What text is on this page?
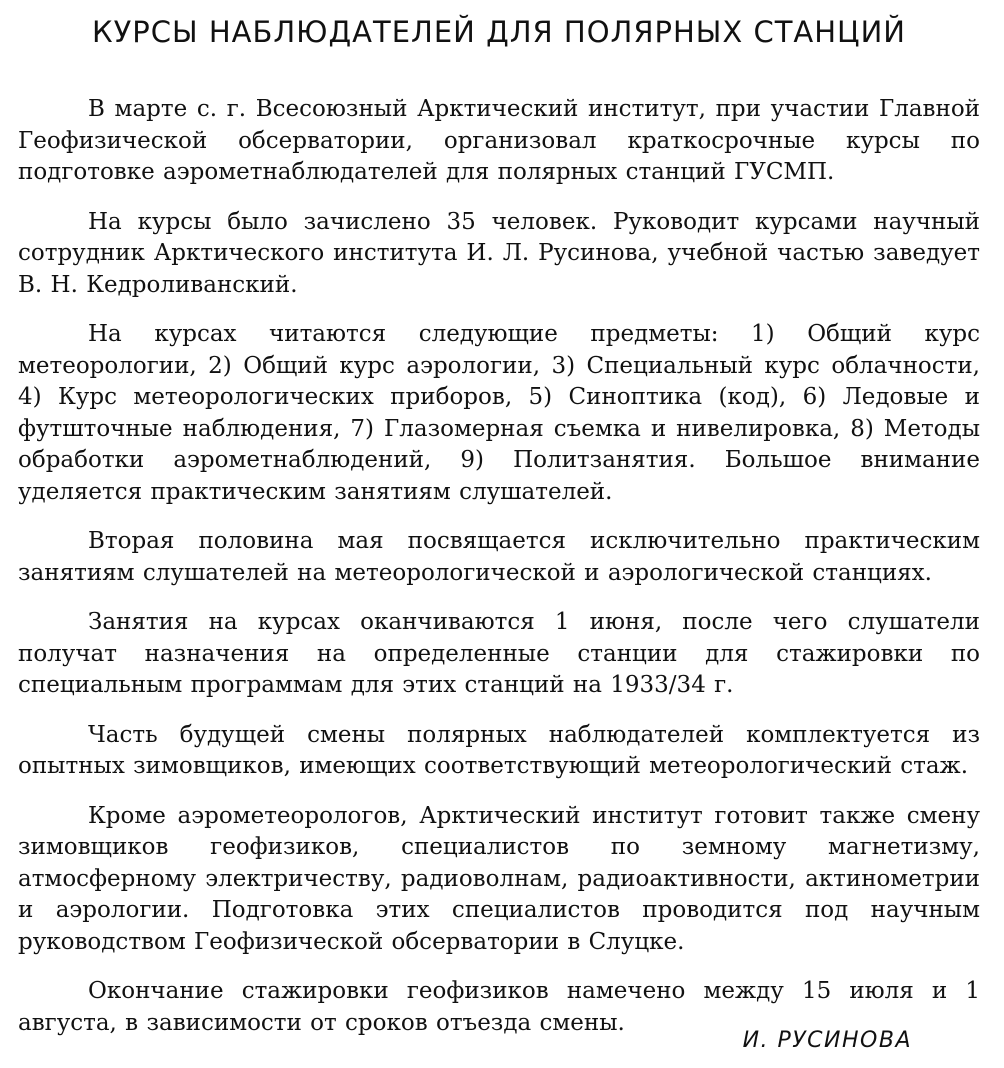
КУРСЫ НАБЛЮДАТЕЛЕЙ ДЛЯ ПОЛЯРНЫХ СТАНЦИЙ

В марте с. г. Всесоюзный Арктический институт, при участии Главной Геофизической обсерватории, организовал краткосрочные курсы по подготовке аэрометнаблюдателей для полярных станций ГУСМП.

На курсы было зачислено 35 человек. Руководит курсами научный сотрудник Арктического института И. Л. Русинова, учебной частью заведует В. Н. Кедроливанский.

На курсах читаются следующие предметы: 1) Общий курс метеорологии, 2) Общий курс аэрологии, 3) Специальный курс облачности, 4) Курс метеорологических приборов, 5) Синоптика (код), 6) Ледовые и футшточные наблюдения, 7) Глазомерная съемка и нивелировка, 8) Методы обработки аэрометнаблюдений, 9) Политзанятия. Большое внимание уделяется практическим занятиям слушателей.

Вторая половина мая посвящается исключительно практическим занятиям слушателей на метеорологической и аэрологической станциях.

Занятия на курсах оканчиваются 1 июня, после чего слушатели получат назначения на определенные станции для стажировки по специальным программам для этих станций на 1933/34 г.

Часть будущей смены полярных наблюдателей комплектуется из опытных зимовщиков, имеющих соответствующий метеорологический стаж.

Кроме аэрометеорологов, Арктический институт готовит также смену зимовщиков геофизиков, специалистов по земному магнетизму, атмосферному электричеству, радиоволнам, радиоактивности, актинометрии и аэрологии. Подготовка этих специалистов проводится под научным руководством Геофизической обсерватории в Слуцке.

Окончание стажировки геофизиков намечено между 15 июля и 1 августа, в зависимости от сроков отъезда смены.

И. РУСИНОВА
